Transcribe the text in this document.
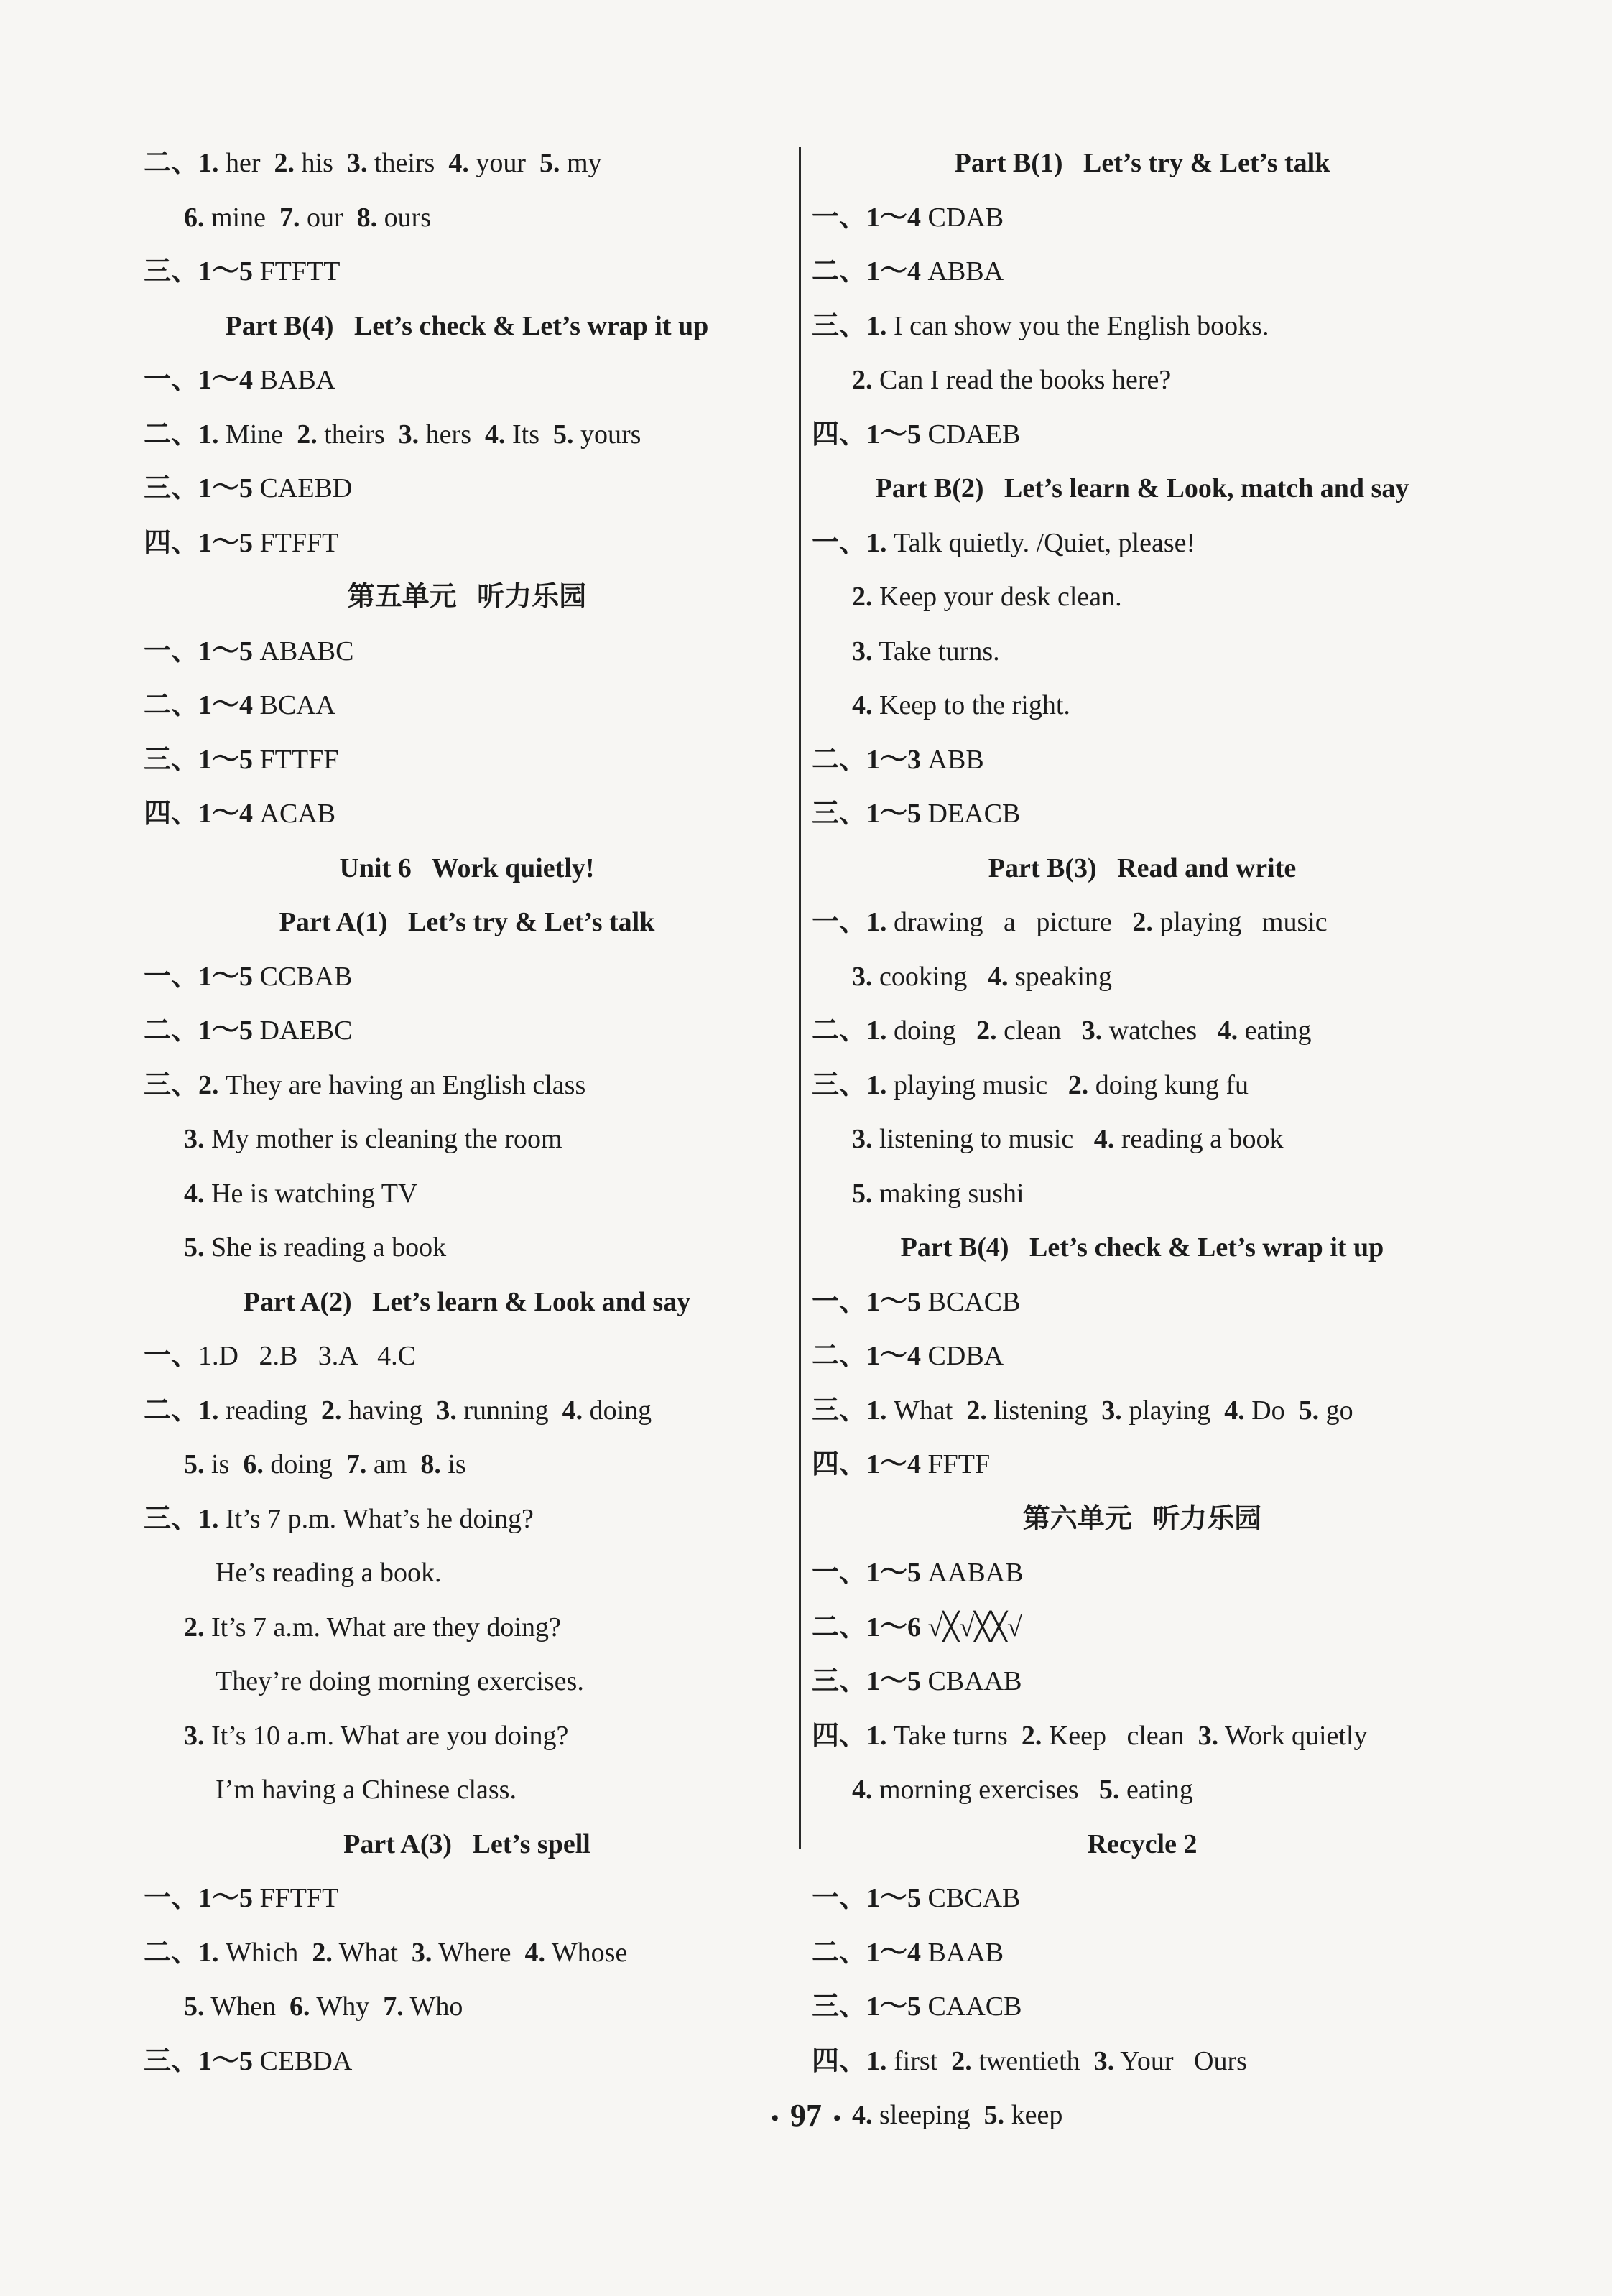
二、1. her  2. his  3. theirs  4. your  5. my
6. mine  7. our  8. ours
三、1～5 FTFTT
Part B(4)   Let’s check & Let’s wrap it up
一、1～4 BABA
二、1. Mine  2. theirs  3. hers  4. Its  5. yours
三、1～5 CAEBD
四、1～5 FTFFT
第五单元   听力乐园
一、1～5 ABABC
二、1～4 BCAA
三、1～5 FTTFF
四、1～4 ACAB
Unit 6   Work quietly!
Part A(1)   Let’s try & Let’s talk
一、1～5 CCBAB
二、1～5 DAEBC
三、2. They are having an English class
3. My mother is cleaning the room
4. He is watching TV
5. She is reading a book
Part A(2)   Let’s learn & Look and say
一、1.D   2.B   3.A   4.C
二、1. reading  2. having  3. running  4. doing
5. is  6. doing  7. am  8. is
三、1. It’s 7 p.m. What’s he doing?
He’s reading a book.
2. It’s 7 a.m. What are they doing?
They’re doing morning exercises.
3. It’s 10 a.m. What are you doing?
I’m having a Chinese class.
Part A(3)   Let’s spell
一、1～5 FFTFT
二、1. Which  2. What  3. Where  4. Whose
5. When  6. Why  7. Who
三、1～5 CEBDA
Part B(1)   Let’s try & Let’s talk
一、1～4 CDAB
二、1～4 ABBA
三、1. I can show you the English books.
2. Can I read the books here?
四、1～5 CDAEB
Part B(2)   Let’s learn & Look, match and say
一、1. Talk quietly. /Quiet, please!
2. Keep your desk clean.
3. Take turns.
4. Keep to the right.
二、1～3 ABB
三、1～5 DEACB
Part B(3)   Read and write
一、1. drawing   a   picture   2. playing   music
3. cooking   4. speaking
二、1. doing   2. clean   3. watches   4. eating
三、1. playing music   2. doing kung fu
3. listening to music   4. reading a book
5. making sushi
Part B(4)   Let’s check & Let’s wrap it up
一、1～5 BCACB
二、1～4 CDBA
三、1. What  2. listening  3. playing  4. Do  5. go
四、1～4 FFTF
第六单元   听力乐园
一、1～5 AABAB
二、1～6 √╳√╳╳√
三、1～5 CBAAB
四、1. Take turns  2. Keep   clean  3. Work quietly
4. morning exercises   5. eating
Recycle 2
一、1～5 CBCAB
二、1～4 BAAB
三、1～5 CAACB
四、1. first  2. twentieth  3. Your   Ours
4. sleeping  5. keep
• 97 •
